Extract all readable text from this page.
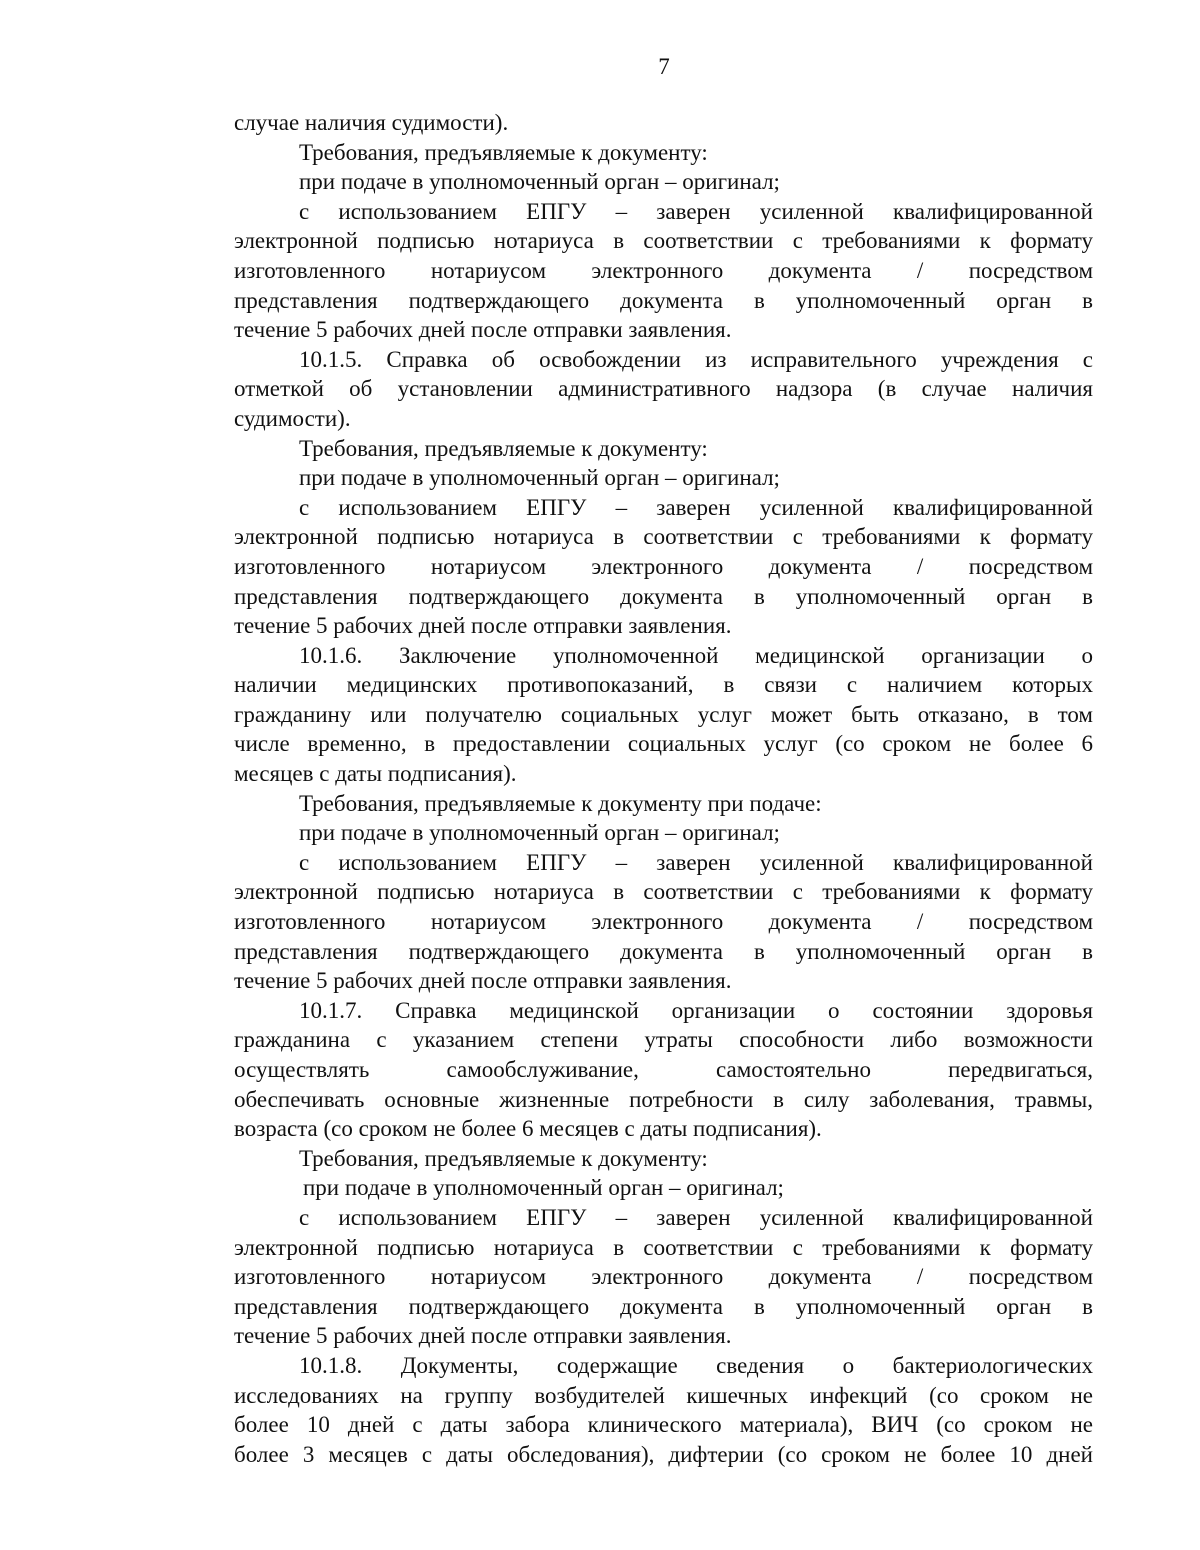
7
случае наличия судимости).
Требования, предъявляемые к документу:
при подаче в уполномоченный орган – оригинал;
с использованием ЕПГУ – заверен усиленной квалифицированной
электронной подписью нотариуса в соответствии с требованиями к формату
изготовленного нотариусом электронного документа / посредством
представления подтверждающего документа в уполномоченный орган в
течение 5 рабочих дней после отправки заявления.
10.1.5. Справка об освобождении из исправительного учреждения с
отметкой об установлении административного надзора (в случае наличия
судимости).
Требования, предъявляемые к документу:
при подаче в уполномоченный орган – оригинал;
с использованием ЕПГУ – заверен усиленной квалифицированной
электронной подписью нотариуса в соответствии с требованиями к формату
изготовленного нотариусом электронного документа / посредством
представления подтверждающего документа в уполномоченный орган в
течение 5 рабочих дней после отправки заявления.
10.1.6. Заключение уполномоченной медицинской организации о
наличии медицинских противопоказаний, в связи с наличием которых
гражданину или получателю социальных услуг может быть отказано, в том
числе временно, в предоставлении социальных услуг (со сроком не более 6
месяцев с даты подписания).
Требования, предъявляемые к документу при подаче:
при подаче в уполномоченный орган – оригинал;
с использованием ЕПГУ – заверен усиленной квалифицированной
электронной подписью нотариуса в соответствии с требованиями к формату
изготовленного нотариусом электронного документа / посредством
представления подтверждающего документа в уполномоченный орган в
течение 5 рабочих дней после отправки заявления.
10.1.7. Справка медицинской организации о состоянии здоровья
гражданина с указанием степени утраты способности либо возможности
осуществлять самообслуживание, самостоятельно передвигаться,
обеспечивать основные жизненные потребности в силу заболевания, травмы,
возраста (со сроком не более 6 месяцев с даты подписания).
Требования, предъявляемые к документу:
при подаче в уполномоченный орган – оригинал;
с использованием ЕПГУ – заверен усиленной квалифицированной
электронной подписью нотариуса в соответствии с требованиями к формату
изготовленного нотариусом электронного документа / посредством
представления подтверждающего документа в уполномоченный орган в
течение 5 рабочих дней после отправки заявления.
10.1.8. Документы, содержащие сведения о бактериологических
исследованиях на группу возбудителей кишечных инфекций (со сроком не
более 10 дней с даты забора клинического материала), ВИЧ (со сроком не
более 3 месяцев с даты обследования), дифтерии (со сроком не более 10 дней
